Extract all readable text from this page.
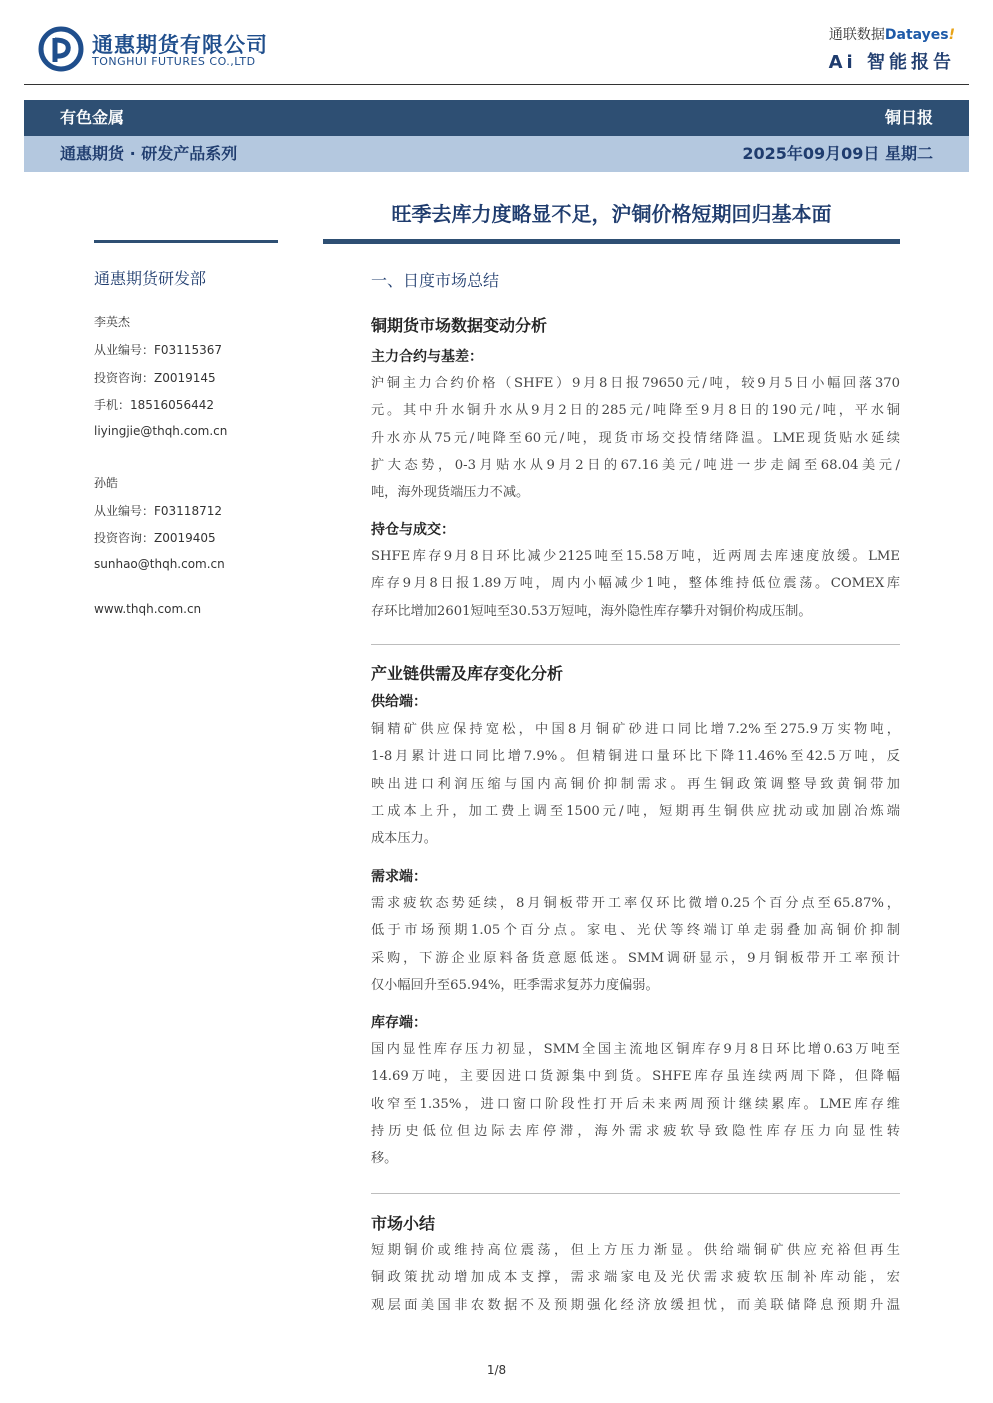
通惠期货有限公司
TONGHUI FUTURES CO.,LTD
通联数据Datayes!
Ai 智能报告
有色金属	铜日报
通惠期货 · 研发产品系列	2025年09月09日 星期二
旺季去库力度略显不足，沪铜价格短期回归基本面
通惠期货研发部
李英杰
从业编号：F03115367
投资咨询：Z0019145
手机：18516056442
liyingjie@thqh.com.cn
孙皓
从业编号：F03118712
投资咨询：Z0019405
sunhao@thqh.com.cn
www.thqh.com.cn
一、日度市场总结
铜期货市场数据变动分析
主力合约与基差：
沪铜主力合约价格（SHFE）9月8日报79650元/吨，较9月5日小幅回落370
元。其中升水铜升水从9月2日的285元/吨降至9月8日的190元/吨，平水铜
升水亦从75元/吨降至60元/吨，现货市场交投情绪降温。LME现货贴水延续
扩大态势，0-3月贴水从9月2日的67.16美元/吨进一步走阔至68.04美元/
吨，海外现货端压力不减。
持仓与成交：
SHFE库存9月8日环比减少2125吨至15.58万吨，近两周去库速度放缓。LME
库存9月8日报1.89万吨，周内小幅减少1吨，整体维持低位震荡。COMEX库
存环比增加2601短吨至30.53万短吨，海外隐性库存攀升对铜价构成压制。
产业链供需及库存变化分析
供给端：
铜精矿供应保持宽松，中国8月铜矿砂进口同比增7.2%至275.9万实物吨，
1-8月累计进口同比增7.9%。但精铜进口量环比下降11.46%至42.5万吨，反
映出进口利润压缩与国内高铜价抑制需求。再生铜政策调整导致黄铜带加
工成本上升，加工费上调至1500元/吨，短期再生铜供应扰动或加剧冶炼端
成本压力。
需求端：
需求疲软态势延续，8月铜板带开工率仅环比微增0.25个百分点至65.87%，
低于市场预期1.05个百分点。家电、光伏等终端订单走弱叠加高铜价抑制
采购，下游企业原料备货意愿低迷。SMM调研显示，9月铜板带开工率预计
仅小幅回升至65.94%，旺季需求复苏力度偏弱。
库存端：
国内显性库存压力初显，SMM全国主流地区铜库存9月8日环比增0.63万吨至
14.69万吨，主要因进口货源集中到货。SHFE库存虽连续两周下降，但降幅
收窄至1.35%，进口窗口阶段性打开后未来两周预计继续累库。LME库存维
持历史低位但边际去库停滞，海外需求疲软导致隐性库存压力向显性转
移。
市场小结
短期铜价或维持高位震荡，但上方压力渐显。供给端铜矿供应充裕但再生
铜政策扰动增加成本支撑，需求端家电及光伏需求疲软压制补库动能，宏
观层面美国非农数据不及预期强化经济放缓担忧，而美联储降息预期升温
1/8
